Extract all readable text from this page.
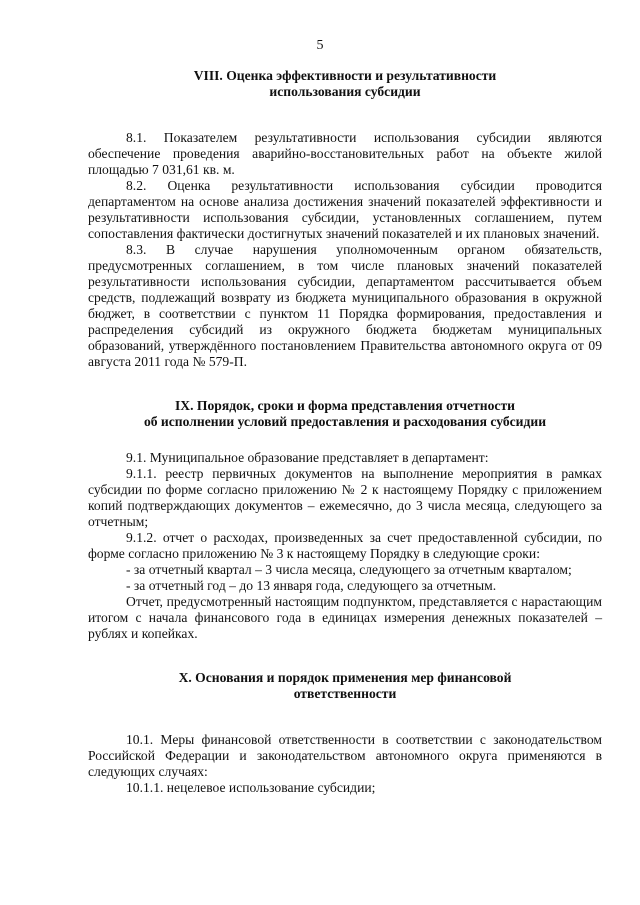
5
VIII. Оценка эффективности и результативности
использования субсидии

8.1. Показателем результативности использования субсидии являются обеспечение проведения аварийно-восстановительных работ на объекте жилой площадью 7 031,61 кв. м.

8.2. Оценка результативности использования субсидии проводится департаментом на основе анализа достижения значений показателей эффективности и результативности использования субсидии, установленных соглашением, путем сопоставления фактически достигнутых значений показателей и их плановых значений.

8.3. В случае нарушения уполномоченным органом обязательств, предусмотренных соглашением, в том числе плановых значений показателей результативности использования субсидии, департаментом рассчитывается объем средств, подлежащий возврату из бюджета муниципального образования в окружной бюджет, в соответствии с пунктом 11 Порядка формирования, предоставления и распределения субсидий из окружного бюджета бюджетам муниципальных образований, утверждённого постановлением Правительства автономного округа от 09 августа 2011 года № 579-П.

IX. Порядок, сроки и форма представления отчетности
об исполнении условий предоставления и расходования субсидии

9.1. Муниципальное образование представляет в департамент:

9.1.1. реестр первичных документов на выполнение мероприятия в рамках субсидии по форме согласно приложению № 2 к настоящему Порядку с приложением копий подтверждающих документов – ежемесячно, до 3 числа месяца, следующего за отчетным;

9.1.2. отчет о расходах, произведенных за счет предоставленной субсидии, по форме согласно приложению № 3 к настоящему Порядку в следующие сроки:

- за отчетный квартал – 3 числа месяца, следующего за отчетным кварталом;

- за отчетный год – до 13 января года, следующего за отчетным.

Отчет, предусмотренный настоящим подпунктом, представляется с нарастающим итогом с начала финансового года в единицах измерения денежных показателей – рублях и копейках.

X. Основания и порядок применения мер финансовой
ответственности

10.1. Меры финансовой ответственности в соответствии с законодательством Российской Федерации и законодательством автономного округа применяются в следующих случаях:

10.1.1. нецелевое использование субсидии;
